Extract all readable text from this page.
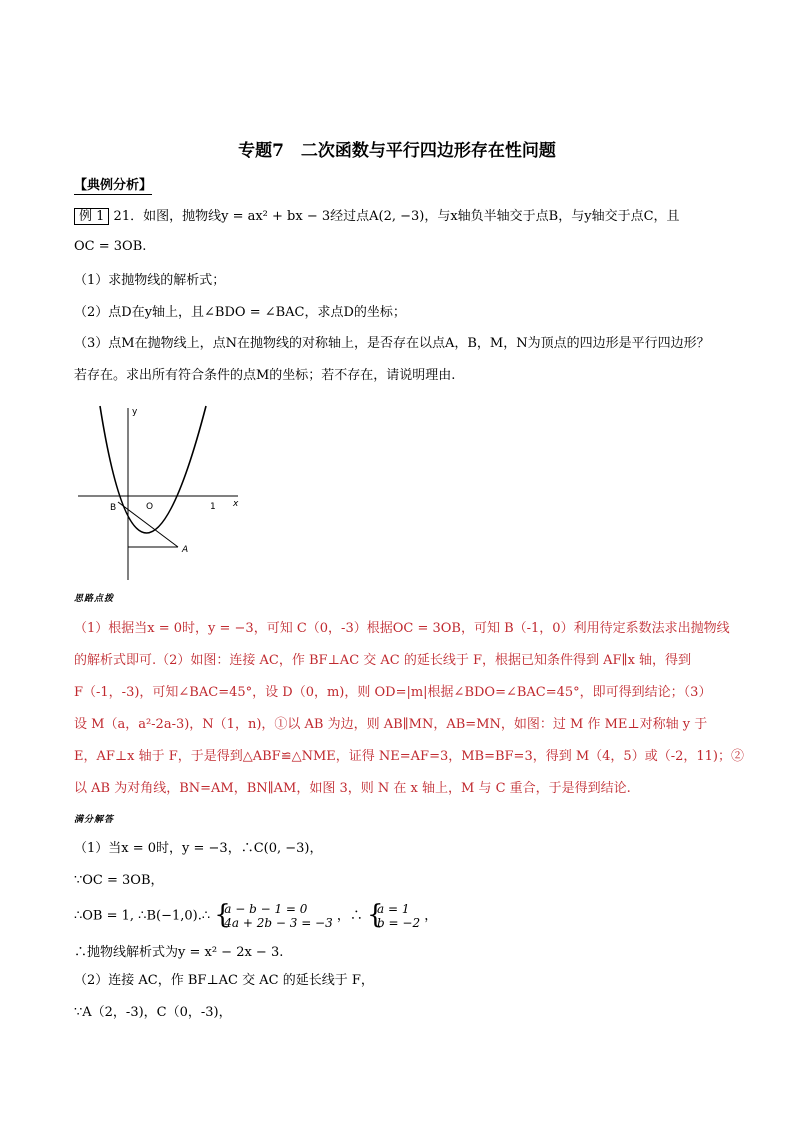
专题7　二次函数与平行四边形存在性问题
【典例分析】
例 1 21．如图，抛物线y = ax² + bx − 3经过点A(2, −3)，与x轴负半轴交于点B，与y轴交于点C，且
OC = 3OB.
（1）求抛物线的解析式；
（2）点D在y轴上，且∠BDO = ∠BAC，求点D的坐标；
（3）点M在抛物线上，点N在抛物线的对称轴上，是否存在以点A，B，M，N为顶点的四边形是平行四边形？
若存在。求出所有符合条件的点M的坐标；若不存在，请说明理由.
y
x
O
B
A
1
思路点拨
（1）根据当x = 0时，y = −3，可知 C（0，-3）根据OC = 3OB，可知 B（-1，0）利用待定系数法求出抛物线
的解析式即可.（2）如图：连接 AC，作 BF⊥AC 交 AC 的延长线于 F，根据已知条件得到 AF∥x 轴，得到
F（-1，-3)，可知∠BAC=45°，设 D（0，m)，则 OD=|m|根据∠BDO=∠BAC=45°，即可得到结论；（3）
设 M（a，a²-2a-3)，N（1，n)，①以 AB 为边，则 AB∥MN，AB=MN，如图：过 M 作 ME⊥对称轴 y 于
E，AF⊥x 轴于 F，于是得到△ABF≌△NME，证得 NE=AF=3，MB=BF=3，得到 M（4，5）或（-2，11)；②
以 AB 为对角线，BN=AM，BN∥AM，如图 3，则 N 在 x 轴上，M 与 C 重合，于是得到结论.
满分解答
（1）当x = 0时，y = −3，∴C(0, −3)，
∵OC = 3OB，
∴OB = 1, ∴B(−1,0).∴ {
a − b − 1 = 0
4a + 2b − 3 = −3 ，∴ {
a = 1
b = −2 ，
∴抛物线解析式为y = x² − 2x − 3.
（2）连接 AC，作 BF⊥AC 交 AC 的延长线于 F，
∵A（2，-3)，C（0，-3)，
